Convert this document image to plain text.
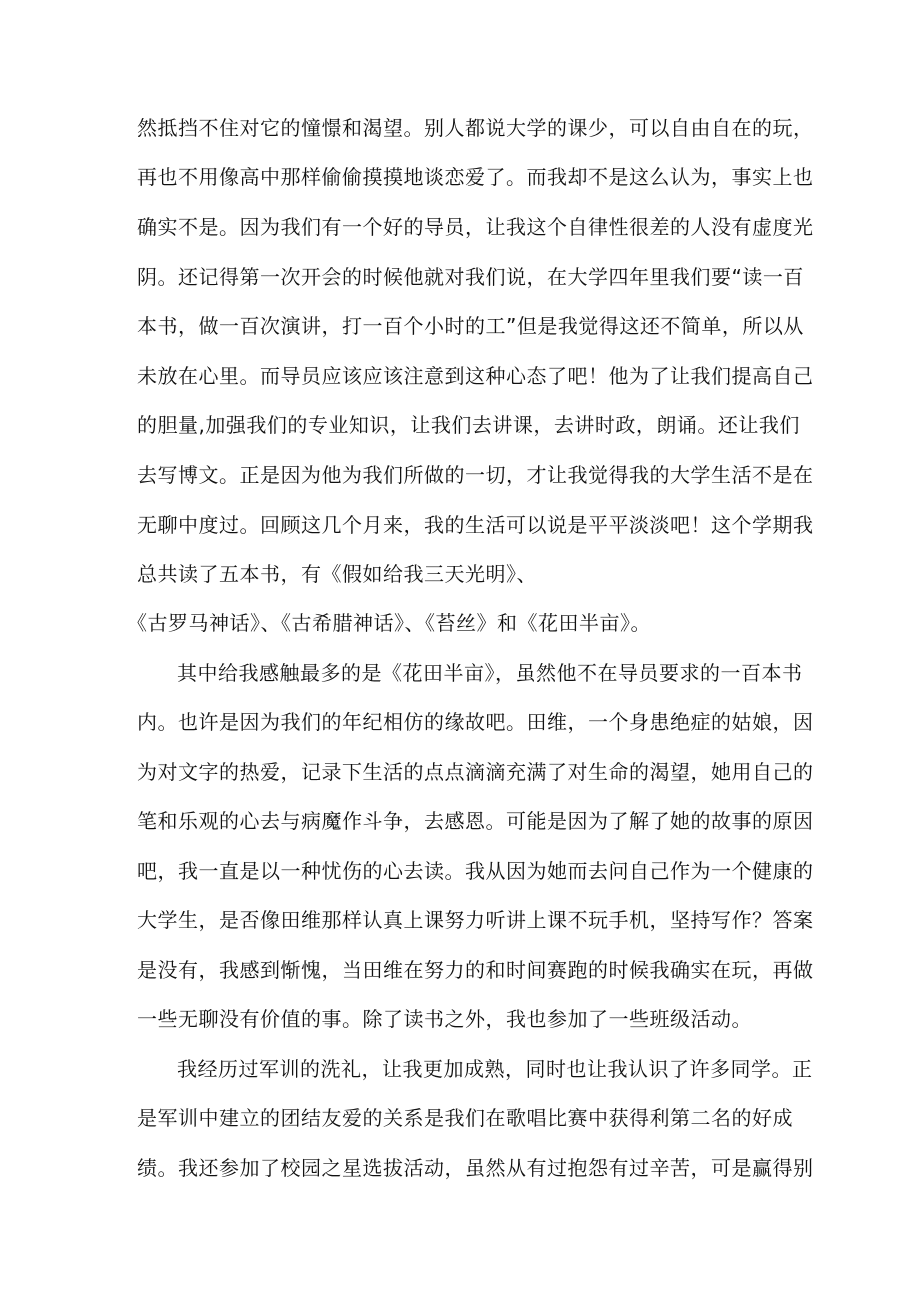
然抵挡不住对它的憧憬和渴望。别人都说大学的课少，可以自由自在的玩，
再也不用像高中那样偷偷摸摸地谈恋爱了。而我却不是这么认为，事实上也
确实不是。因为我们有一个好的导员，让我这个自律性很差的人没有虚度光
阴。还记得第一次开会的时候他就对我们说，在大学四年里我们要“读一百
本书，做一百次演讲，打一百个小时的工”但是我觉得这还不简单，所以从
未放在心里。而导员应该应该注意到这种心态了吧！他为了让我们提高自己
的胆量,加强我们的专业知识，让我们去讲课，去讲时政，朗诵。还让我们
去写博文。正是因为他为我们所做的一切，才让我觉得我的大学生活不是在
无聊中度过。回顾这几个月来，我的生活可以说是平平淡淡吧！这个学期我
总共读了五本书，有《假如给我三天光明》、
《古罗马神话》、《古希腊神话》、《苔丝》和《花田半亩》。
其中给我感触最多的是《花田半亩》，虽然他不在导员要求的一百本书
内。也许是因为我们的年纪相仿的缘故吧。田维，一个身患绝症的姑娘，因
为对文字的热爱，记录下生活的点点滴滴充满了对生命的渴望，她用自己的
笔和乐观的心去与病魔作斗争，去感恩。可能是因为了解了她的故事的原因
吧，我一直是以一种忧伤的心去读。我从因为她而去问自己作为一个健康的
大学生，是否像田维那样认真上课努力听讲上课不玩手机，坚持写作？答案
是没有，我感到惭愧，当田维在努力的和时间赛跑的时候我确实在玩，再做
一些无聊没有价值的事。除了读书之外，我也参加了一些班级活动。
我经历过军训的洗礼，让我更加成熟，同时也让我认识了许多同学。正
是军训中建立的团结友爱的关系是我们在歌唱比赛中获得利第二名的好成
绩。我还参加了校园之星选拔活动，虽然从有过抱怨有过辛苦，可是赢得别
